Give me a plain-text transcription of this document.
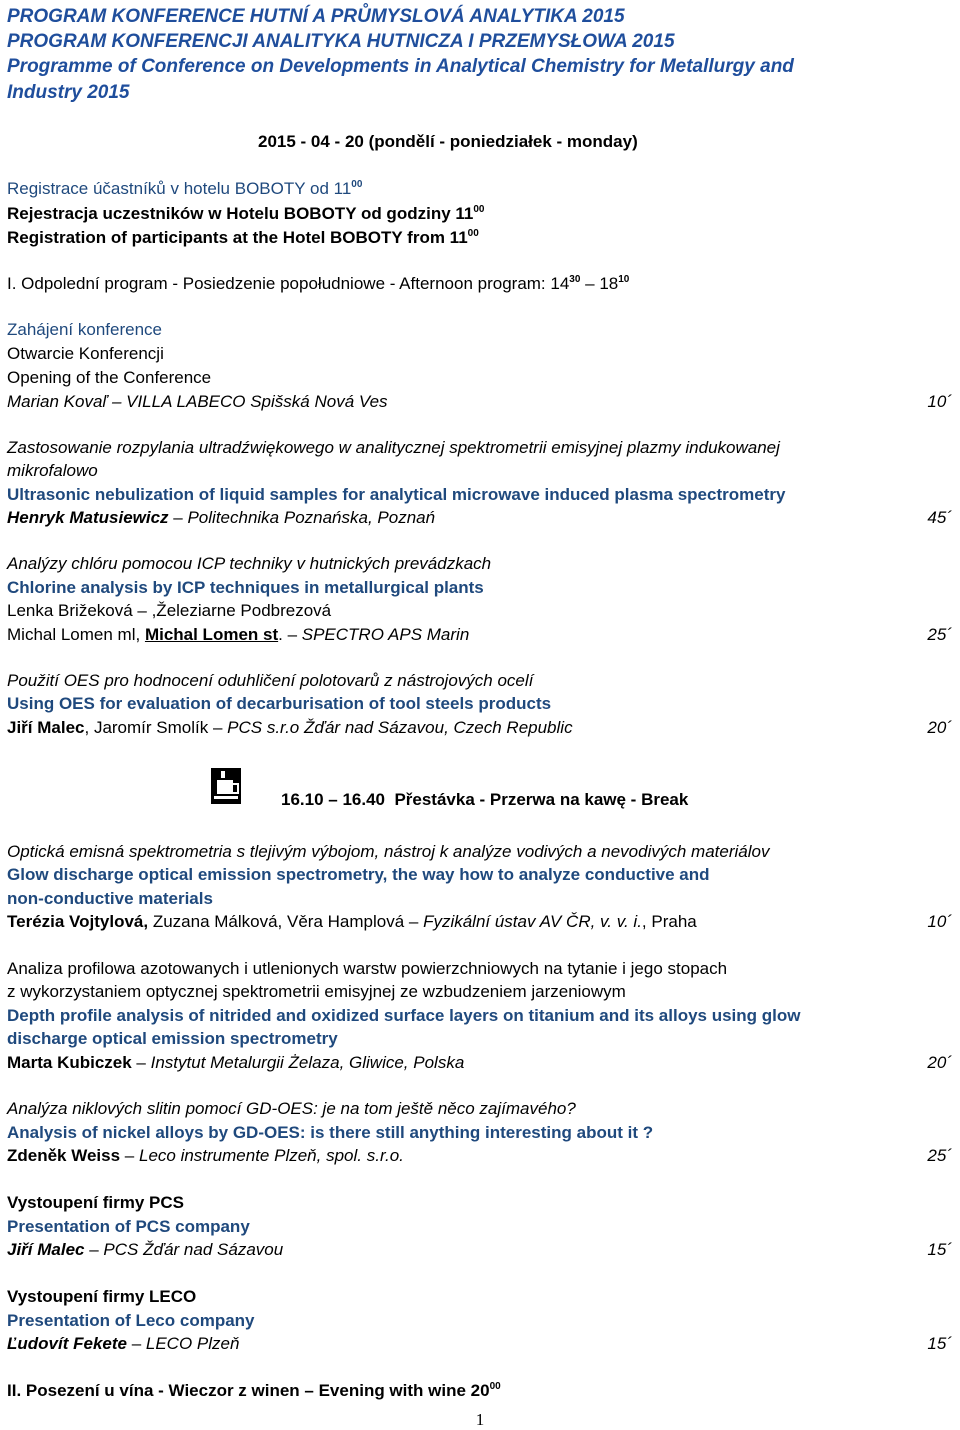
PROGRAM KONFERENCE HUTNÍ A PRŮMYSLOVÁ ANALYTIKA 2015
PROGRAM KONFERENCJI ANALITYKA HUTNICZA I PRZEMYSŁOWA 2015
Programme of Conference on Developments in Analytical Chemistry for Metallurgy and
Industry 2015
2015 - 04 - 20 (pondělí - poniedziałek - monday)
Registrace účastníků v hotelu BOBOTY od $11^{00}$
Rejestracja uczestników w Hotelu BOBOTY od godziny $11^{00}$
Registration of participants at the Hotel BOBOTY from $11^{00}$
I. Odpolední program - Posiedzenie popołudniowe - Afternoon program: $14^{30} - 18^{10}$
Zahájení konference
Otwarcie Konferencji
Opening of the Conference
Marian Kovaľ – VILLA LABECO Spišská Nová Ves	10´
Zastosowanie rozpylania ultradźwiękowego w analitycznej spektrometrii emisyjnej plazmy indukowanej
mikrofalowo
Ultrasonic nebulization of liquid samples for analytical microwave induced plasma spectrometry
Henryk Matusiewicz – Politechnika Poznańska, Poznań	45´
Analýzy chlóru pomocou ICP techniky v hutnických prevádzkach
Chlorine analysis by ICP techniques in metallurgical plants
Lenka Brižeková – ,Železiarne Podbrezová
Michal Lomen ml, Michal Lomen st. – SPECTRO APS Marin	25´
Použití OES pro hodnocení oduhličení polotovarů z nástrojových ocelí
Using OES for evaluation of decarburisation of tool steels products
Jiří Malec, Jaromír Smolík – PCS s.r.o Žďár nad Sázavou, Czech Republic	20´
16.10 – 16.40 Přestávka - Przerwa na kawę - Break
Optická emisná spektrometria s tlejivým výbojom, nástroj k analýze vodivých a nevodivých materiálov
Glow discharge optical emission spectrometry, the way how to analyze conductive and
non-conductive materials
Terézia Vojtylová, Zuzana Málková, Věra Hamplová – Fyzikální ústav AV ČR, v. v. i., Praha	10´
Analiza profilowa azotowanych i utlenionych warstw powierzchniowych na tytanie i jego stopach
z wykorzystaniem optycznej spektrometrii emisyjnej ze wzbudzeniem jarzeniowym
Depth profile analysis of nitrided and oxidized surface layers on titanium and its alloys using glow
discharge optical emission spectrometry
Marta Kubiczek – Instytut Metalurgii Żelaza, Gliwice, Polska	20´
Analýza niklových slitin pomocí GD-OES: je na tom ještě něco zajímavého?
Analysis of nickel alloys by GD-OES: is there still anything interesting about it ?
Zdeněk Weiss – Leco instrumente Plzeň, spol. s.r.o.	25´
Vystoupení firmy PCS
Presentation of PCS company
Jiří Malec – PCS Žďár nad Sázavou	15´
Vystoupení firmy LECO
Presentation of Leco company
Ľudovít Fekete – LECO Plzeň	15´
II. Posezení u vína - Wieczor z winen – Evening with wine $20^{00}$
1
